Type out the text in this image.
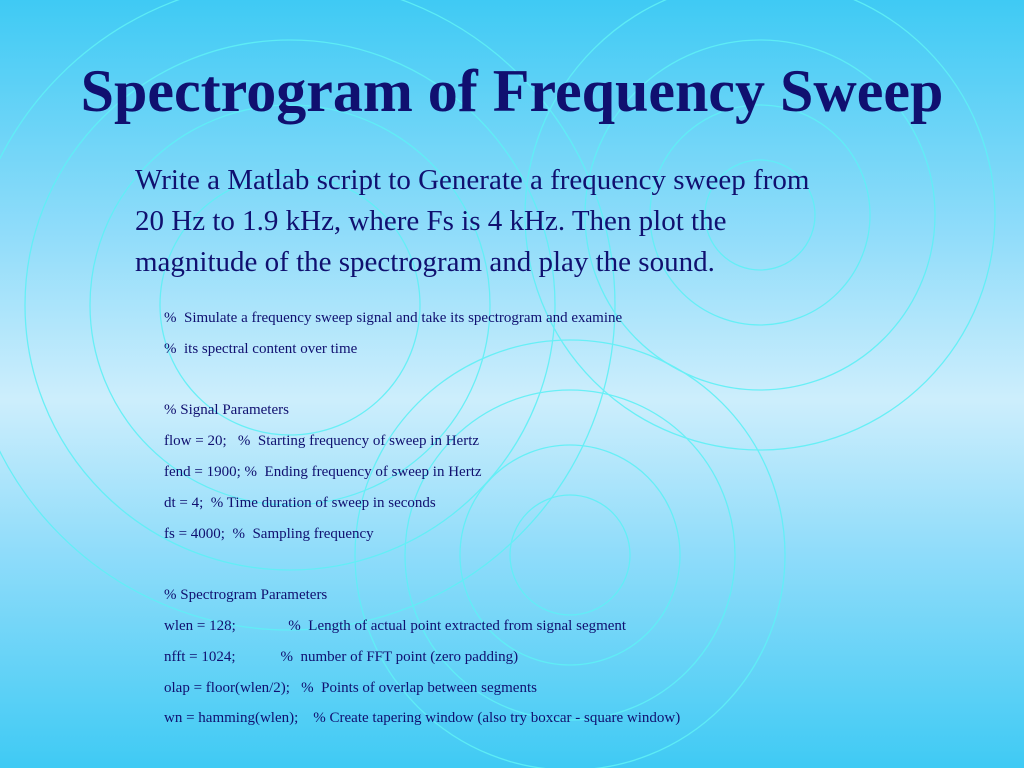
Spectrogram of Frequency Sweep
Write a Matlab script to Generate a frequency sweep from
20 Hz to 1.9 kHz, where Fs is 4 kHz. Then plot the
magnitude of the spectrogram and play the sound.
%  Simulate a frequency sweep signal and take its spectrogram and examine
%  its spectral content over time
% Signal Parameters
flow = 20;   %  Starting frequency of sweep in Hertz
fend = 1900; %  Ending frequency of sweep in Hertz
dt = 4;  % Time duration of sweep in seconds
fs = 4000;  %  Sampling frequency
% Spectrogram Parameters
wlen = 128;              %  Length of actual point extracted from signal segment
nfft = 1024;            %  number of FFT point (zero padding)
olap = floor(wlen/2);   %  Points of overlap between segments
wn = hamming(wlen);    % Create tapering window (also try boxcar - square window)
